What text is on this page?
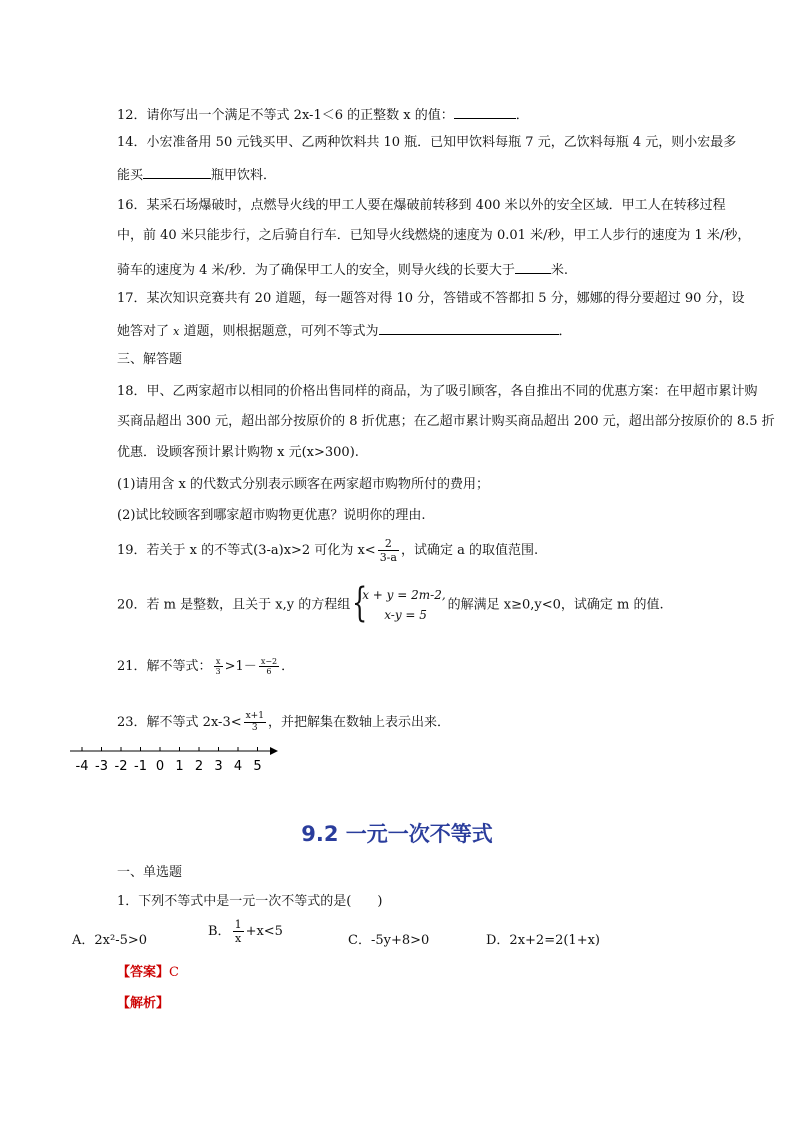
12．请你写出一个满足不等式 2x-1＜6 的正整数 x 的值：	．
14．小宏准备用 50 元钱买甲、乙两种饮料共 10 瓶．已知甲饮料每瓶 7 元，乙饮料每瓶 4 元，则小宏最多
能买	瓶甲饮料．
16．某采石场爆破时，点燃导火线的甲工人要在爆破前转移到 400 米以外的安全区域．甲工人在转移过程
中，前 40 米只能步行，之后骑自行车．已知导火线燃烧的速度为 0.01 米/秒，甲工人步行的速度为 1 米/秒，
骑车的速度为 4 米/秒．为了确保甲工人的安全，则导火线的长要大于	米.
17．某次知识竞赛共有 20 道题，每一题答对得 10 分，答错或不答都扣 5 分，娜娜的得分要超过 90 分，设
她答对了 x 道题，则根据题意，可列不等式为	．
三、解答题
18．甲、乙两家超市以相同的价格出售同样的商品，为了吸引顾客，各自推出不同的优惠方案：在甲超市累计购
买商品超出 300 元，超出部分按原价的 8 折优惠；在乙超市累计购买商品超出 200 元，超出部分按原价的 8.5 折
优惠．设顾客预计累计购物 x 元(x>300).
(1)请用含 x 的代数式分别表示顾客在两家超市购物所付的费用；
(2)试比较顾客到哪家超市购物更优惠？说明你的理由.
19．若关于 x 的不等式(3-a)x>2 可化为 $x< \frac{2}{3-a}$ ，试确定 a 的取值范围.
20．若 m 是整数，且关于 x,y 的方程组 {
x + y = 2m-2,
x-y = 5
的解满足 x≥0,y<0，试确定 m 的值.
21．解不等式： $\frac{x}{3} >1- \frac{x-2}{6}$ ．
23．解不等式 $2x-3< \frac{x+1}{3}$ ，并把解集在数轴上表示出来．
-4 -3 -2 -1 0 1 2 3 4 5
9.2 一元一次不等式
一、单选题
1．下列不等式中是一元一次不等式的是(　　)
A．2x²-5>0
B． $\frac{1}{x} +x<5$
C．-5y+8>0	D．2x+2=2(1+x)
【答案】C
【解析】
